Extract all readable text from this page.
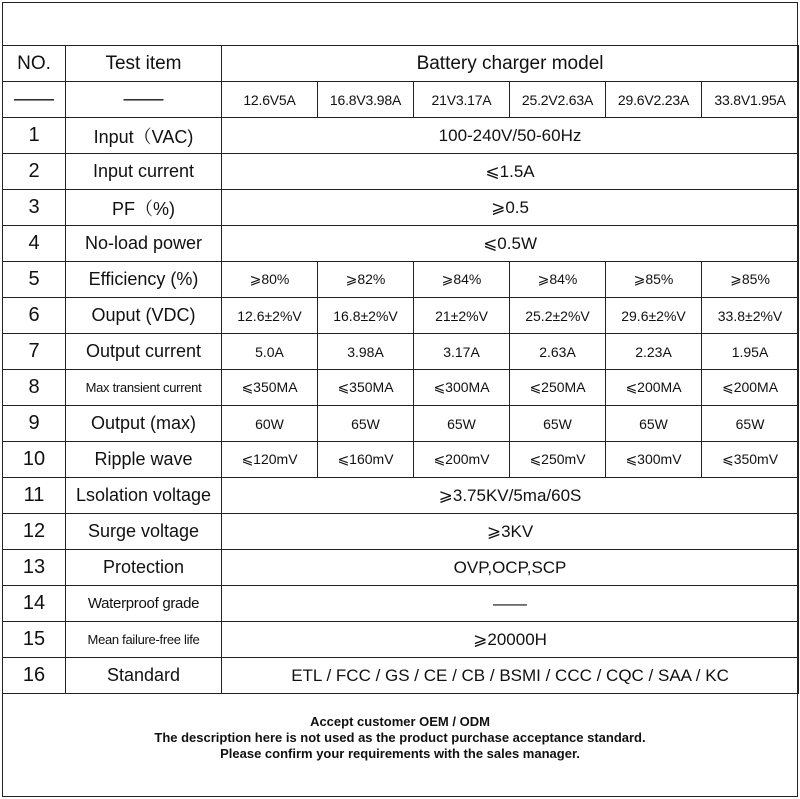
NO.	Test item	Battery charger model					
——	——	12.6V5A	16.8V3.98A	21V3.17A	25.2V2.63A	29.6V2.23A	33.8V1.95A
1	Input（VAC)	100-240V/50-60Hz					
2	Input current	⩽1.5A					
3	PF（%)	⩾0.5					
4	No-load power	⩽0.5W					
5	Efficiency (%)	⩾80%	⩾82%	⩾84%	⩾84%	⩾85%	⩾85%
6	Ouput (VDC)	12.6±2%V	16.8±2%V	21±2%V	25.2±2%V	29.6±2%V	33.8±2%V
7	Output current	5.0A	3.98A	3.17A	2.63A	2.23A	1.95A
8	Max transient current	⩽350MA	⩽350MA	⩽300MA	⩽250MA	⩽200MA	⩽200MA
9	Output (max)	60W	65W	65W	65W	65W	65W
10	Ripple wave	⩽120mV	⩽160mV	⩽200mV	⩽250mV	⩽300mV	⩽350mV
11	Lsolation voltage	⩾3.75KV/5ma/60S					
12	Surge voltage	⩾3KV					
13	Protection	OVP,OCP,SCP					
14	Waterproof grade	——					
15	Mean failure-free life	⩾20000H					
16	Standard	ETL / FCC / GS / CE / CB / BSMI / CCC / CQC / SAA / KC					
Accept customer OEM / ODM
The description here is not used as the product purchase acceptance standard.
Please confirm your requirements with the sales manager.
